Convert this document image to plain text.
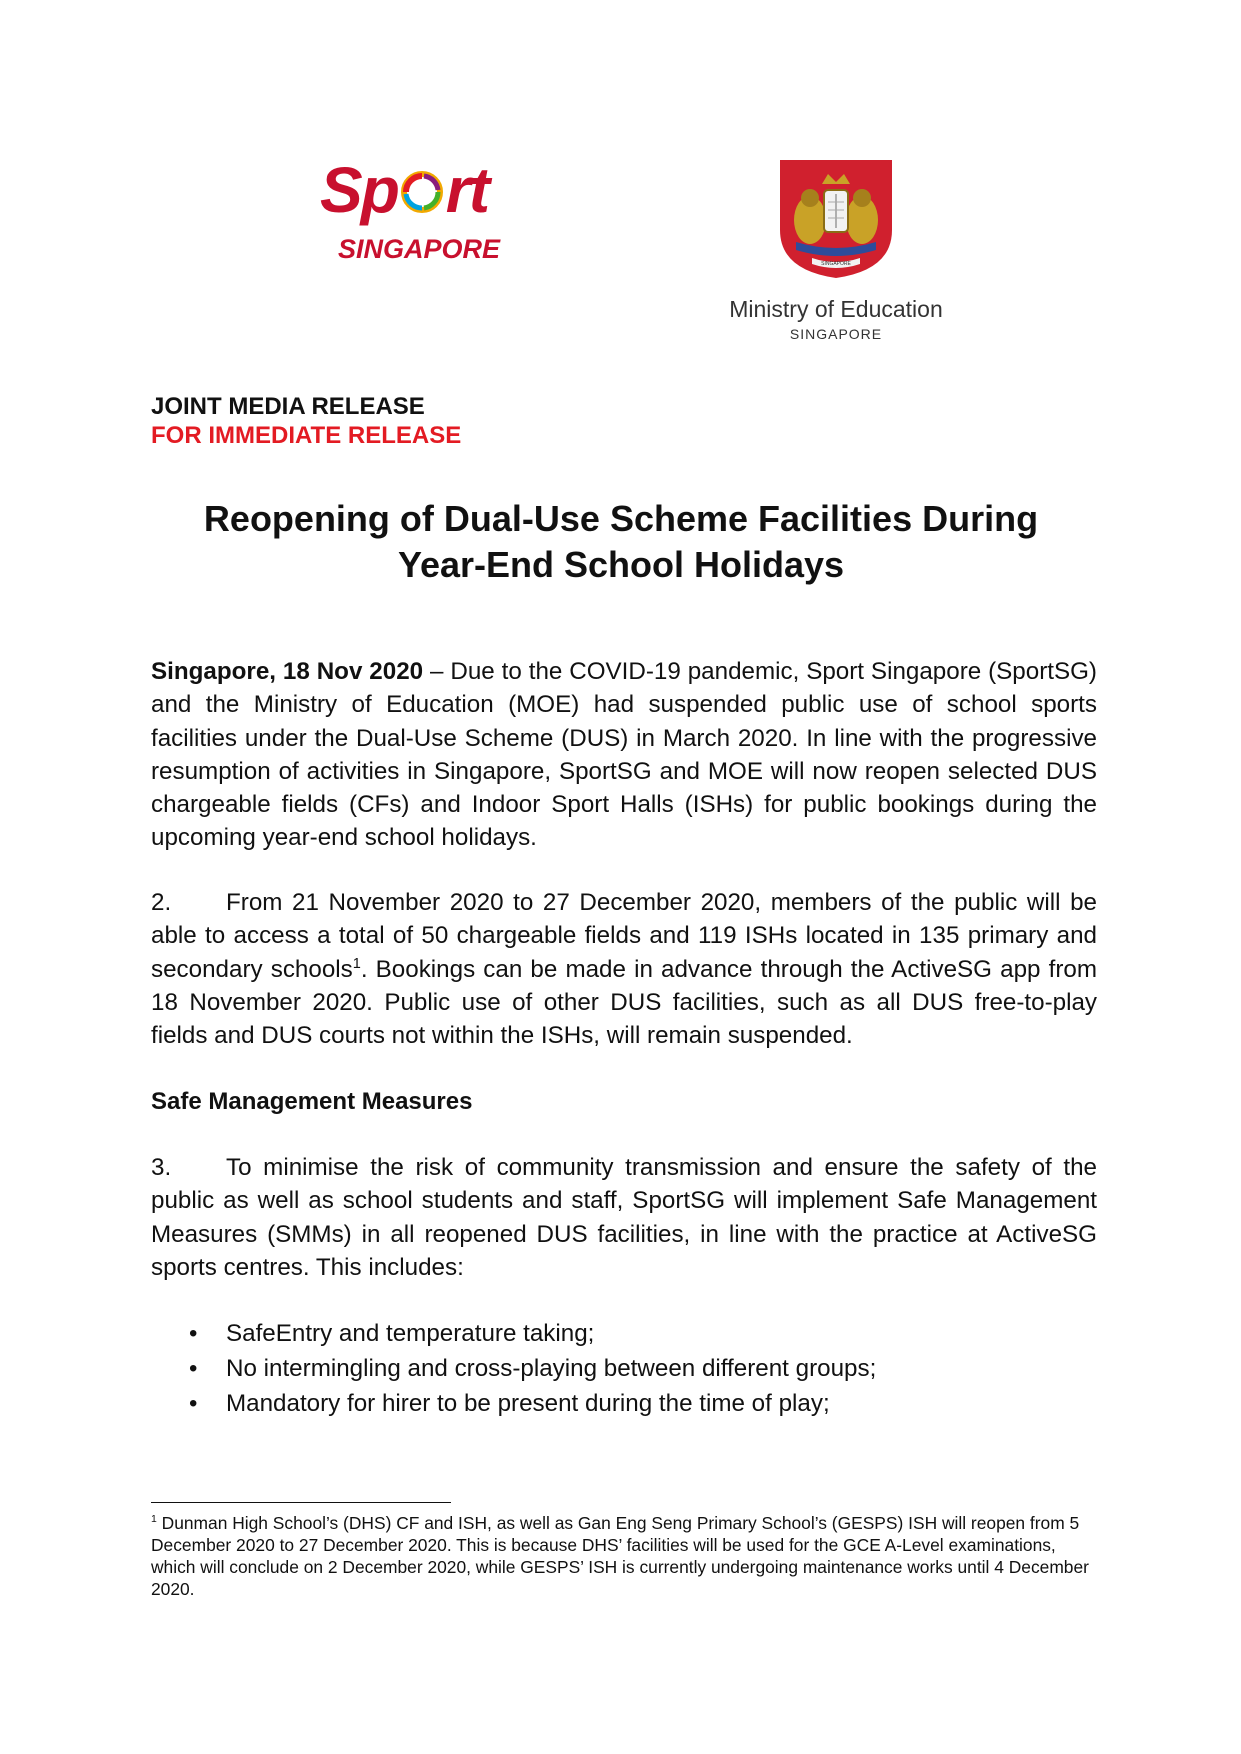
Sp rt
SINGAPORE	SINGAPORE
Ministry of Education
SINGAPORE
JOINT MEDIA RELEASE
FOR IMMEDIATE RELEASE
Reopening of Dual-Use Scheme Facilities During
Year-End School Holidays
Singapore, 18 Nov 2020 – Due to the COVID-19 pandemic, Sport Singapore (SportSG) and the Ministry of Education (MOE) had suspended public use of school sports facilities under the Dual-Use Scheme (DUS) in March 2020. In line with the progressive resumption of activities in Singapore, SportSG and MOE will now reopen selected DUS chargeable fields (CFs) and Indoor Sport Halls (ISHs) for public bookings during the upcoming year-end school holidays.
2. From 21 November 2020 to 27 December 2020, members of the public will be able to access a total of 50 chargeable fields and 119 ISHs located in 135 primary and secondary schools$^1$. Bookings can be made in advance through the ActiveSG app from 18 November 2020. Public use of other DUS facilities, such as all DUS free-to-play fields and DUS courts not within the ISHs, will remain suspended.
Safe Management Measures
3. To minimise the risk of community transmission and ensure the safety of the public as well as school students and staff, SportSG will implement Safe Management Measures (SMMs) in all reopened DUS facilities, in line with the practice at ActiveSG sports centres. This includes:
• SafeEntry and temperature taking;
• No intermingling and cross-playing between different groups;
• Mandatory for hirer to be present during the time of play;
$^1$ Dunman High School’s (DHS) CF and ISH, as well as Gan Eng Seng Primary School’s (GESPS) ISH will reopen from 5 December 2020 to 27 December 2020. This is because DHS’ facilities will be used for the GCE A-Level examinations, which will conclude on 2 December 2020, while GESPS’ ISH is currently undergoing maintenance works until 4 December 2020.
